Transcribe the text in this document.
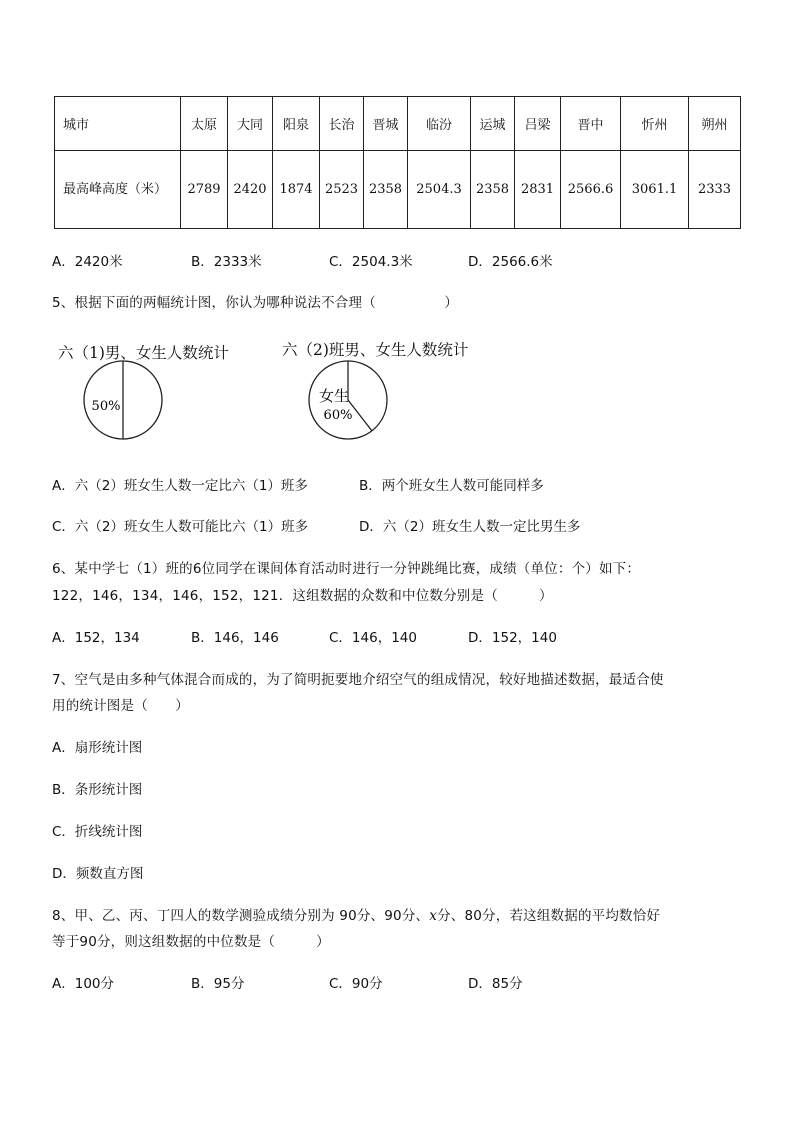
城市	太原	大同	阳泉	长治	晋城	临汾	运城	吕梁	晋中	忻州	朔州
最高峰高度（米）	2789	2420	1874	2523	2358	2504.3	2358	2831	2566.6	3061.1	2333
A．2420米	B．2333米	C．2504.3米	D．2566.6米
5、根据下面的两幅统计图，你认为哪种说法不合理（　　　　　）
六（1)男、女生人数统计	六（2)班男、女生人数统计
50%
女生
60%
A．六（2）班女生人数一定比六（1）班多	B．两个班女生人数可能同样多
C．六（2）班女生人数可能比六（1）班多	D．六（2）班女生人数一定比男生多
6、某中学七（1）班的6位同学在课间体育活动时进行一分钟跳绳比赛，成绩（单位：个）如下：
122，146，134，146，152，121．这组数据的众数和中位数分别是（　　　）
A．152，134	B．146，146	C．146，140	D．152，140
7、空气是由多种气体混合而成的，为了简明扼要地介绍空气的组成情况，较好地描述数据，最适合使
用的统计图是（　　）
A．扇形统计图
B．条形统计图
C．折线统计图
D．频数直方图
8、甲、乙、丙、丁四人的数学测验成绩分别为 90分、90分、x分、80分，若这组数据的平均数恰好
等于90分，则这组数据的中位数是（　　　）
A．100分	B．95分	C．90分	D．85分
